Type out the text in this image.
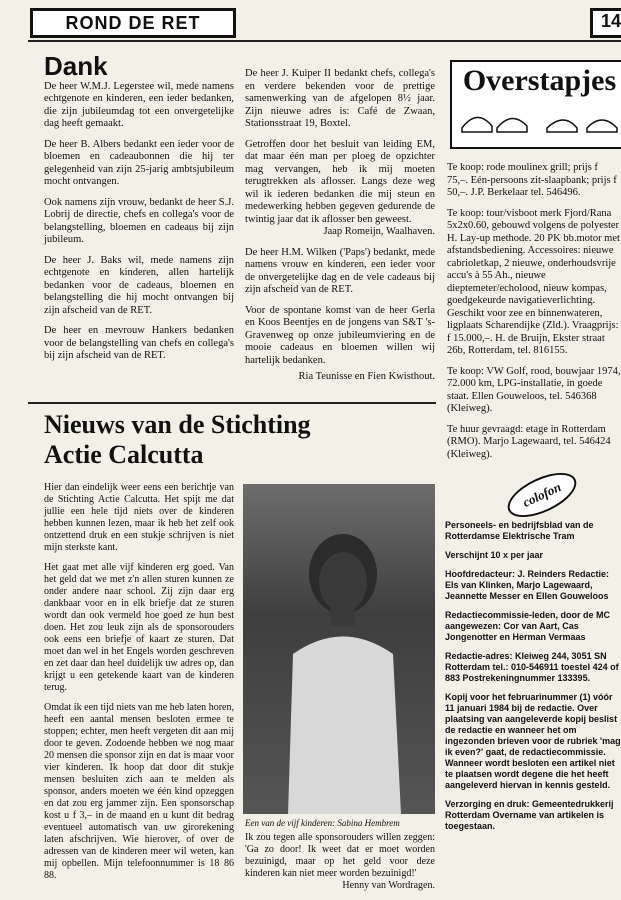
ROND DE RET	14
Dank

De heer W.M.J. Legerstee wil, mede namens echtgenote en kinderen, een ieder bedanken, die zijn jubileumdag tot een onvergetelijke dag heeft gemaakt.

De heer B. Albers bedankt een ieder voor de bloemen en cadeaubonnen die hij ter gelegenheid van zijn 25-jarig ambtsjubileum mocht ontvangen.

Ook namens zijn vrouw, bedankt de heer S.J. Lobrij de directie, chefs en collega's voor de belangstelling, bloemen en cadeaus bij zijn jubileum.

De heer J. Baks wil, mede namens zijn echtgenote en kinderen, allen hartelijk bedanken voor de cadeaus, bloemen en belangstelling die hij mocht ontvangen bij zijn afscheid van de RET.

De heer en mevrouw Hankers bedanken voor de belangstelling van chefs en collega's bij zijn afscheid van de RET.

De heer J. Kuiper II bedankt chefs, collega's en verdere bekenden voor de prettige samenwerking van de afgelopen 8½ jaar. Zijn nieuwe adres is: Café de Zwaan, Stationsstraat 19, Boxtel.

Getroffen door het besluit van leiding EM, dat maar één man per ploeg de opzichter mag vervangen, heb ik mij moeten terugtrekken als aflosser. Langs deze weg wil ik iederen bedanken die mij steun en medewerking hebben gegeven gedurende de twintig jaar dat ik aflosser ben geweest.

Jaap Romeijn, Waalhaven.

De heer H.M. Wilken ('Paps') bedankt, mede namens vrouw en kinderen, een ieder voor de onvergetelijke dag en de vele cadeaus bij zijn afscheid van de RET.

Voor de spontane komst van de heer Gerla en Koos Beentjes en de jongens van S&T 's-Gravenweg op onze jubileumviering en de mooie cadeaus en bloemen willen wij hartelijk bedanken.

Ria Teunisse en Fien Kwisthout.

Overstapjes

Te koop: rode moulinex grill; prijs f 75,–. Eén-persoons zit-slaapbank; prijs f 50,–. J.P. Berkelaar tel. 546496.

Te koop: tour/visboot merk Fjord/Rana 5x2x0.60, gebouwd volgens de polyester H. Lay-up methode. 20 PK bb.motor met afstandsbediening. Accessoires: nieuwe cabrioletkap, 2 nieuwe, onderhoudsvrije accu's à 55 Ah., nieuwe dieptemeter/echolood, nieuw kompas, goedgekeurde navigatieverlichting. Geschikt voor zee en binnenwateren, ligplaats Scharendijke (Zld.). Vraagprijs: f 15.000,–. H. de Bruijn, Ekster straat 26b, Rotterdam, tel. 816155.

Te koop: VW Golf, rood, bouwjaar 1974, 72.000 km, LPG-installatie, in goede staat. Ellen Gouweloos, tel. 546368 (Kleiweg).

Te huur gevraagd: etage in Rotterdam (RMO). Marjo Lagewaard, tel. 546424 (Kleiweg).

Nieuws van de Stichting Actie Calcutta

Hier dan eindelijk weer eens een berichtje van de Stichting Actie Calcutta. Het spijt me dat jullie een hele tijd niets over de kinderen hebben kunnen lezen, maar ik heb het zelf ook ontzettend druk en een stukje schrijven is niet mijn sterkste kant.

Het gaat met alle vijf kinderen erg goed. Van het geld dat we met z'n allen sturen kunnen ze onder andere naar school. Zij zijn daar erg dankbaar voor en in elk briefje dat ze sturen wordt dan ook vermeld hoe goed ze hun best doen. Het zou leuk zijn als de sponsorouders ook eens een briefje of kaart ze sturen. Dat moet dan wel in het Engels worden geschreven en zet daar dan heel duidelijk uw adres op, dan krijgt u een getekende kaart van de kinderen terug.

Omdat ik een tijd niets van me heb laten horen, heeft een aantal mensen besloten ermee te stoppen; echter, men heeft vergeten dit aan mij door te geven. Zodoende hebben we nog maar 20 mensen die sponsor zijn en dat is maar voor vier kinderen. Ik hoop dat door dit stukje mensen besluiten zich aan te melden als sponsor, anders moeten we één kind opzeggen en dat zou erg jammer zijn. Een sponsorschap kost u f 3,– in de maand en u kunt dit bedrag eventueel automatisch van uw girorekening laten afschrijven. Wie hierover, of over de adressen van de kinderen meer wil weten, kan mij opbellen. Mijn telefoonnummer is 18 86 88.

Een van de vijf kinderen: Sabina Hembrem

Ik zou tegen alle sponsorouders willen zeggen: 'Ga zo door! Ik weet dat er moet worden bezuinigd, maar op het geld voor deze kinderen kan niet meer worden bezuinigd!'

Henny van Wordragen.

colofon

Personeels- en bedrijfsblad van de Rotterdamse Elektrische Tram

Verschijnt 10 x per jaar

Hoofdredacteur: J. Reinders Redactie: Els van Klinken, Marjo Lagewaard, Jeannette Messer en Ellen Gouweloos

Redactiecommissie-leden, door de MC aangewezen: Cor van Aart, Cas Jongenotter en Herman Vermaas

Redactie-adres: Kleiweg 244, 3051 SN Rotterdam tel.: 010-546911 toestel 424 of 883 Postrekeningnummer 133395.

Kopij voor het februarinummer (1) vóór 11 januari 1984 bij de redactie. Over plaatsing van aangeleverde kopij beslist de redactie en wanneer het om ingezonden brieven voor de rubriek 'mag ik even?' gaat, de redactiecommissie. Wanneer wordt besloten een artikel niet te plaatsen wordt degene die het heeft aangeleverd hiervan in kennis gesteld.

Verzorging en druk: Gemeentedrukkerij Rotterdam Overname van artikelen is toegestaan.
